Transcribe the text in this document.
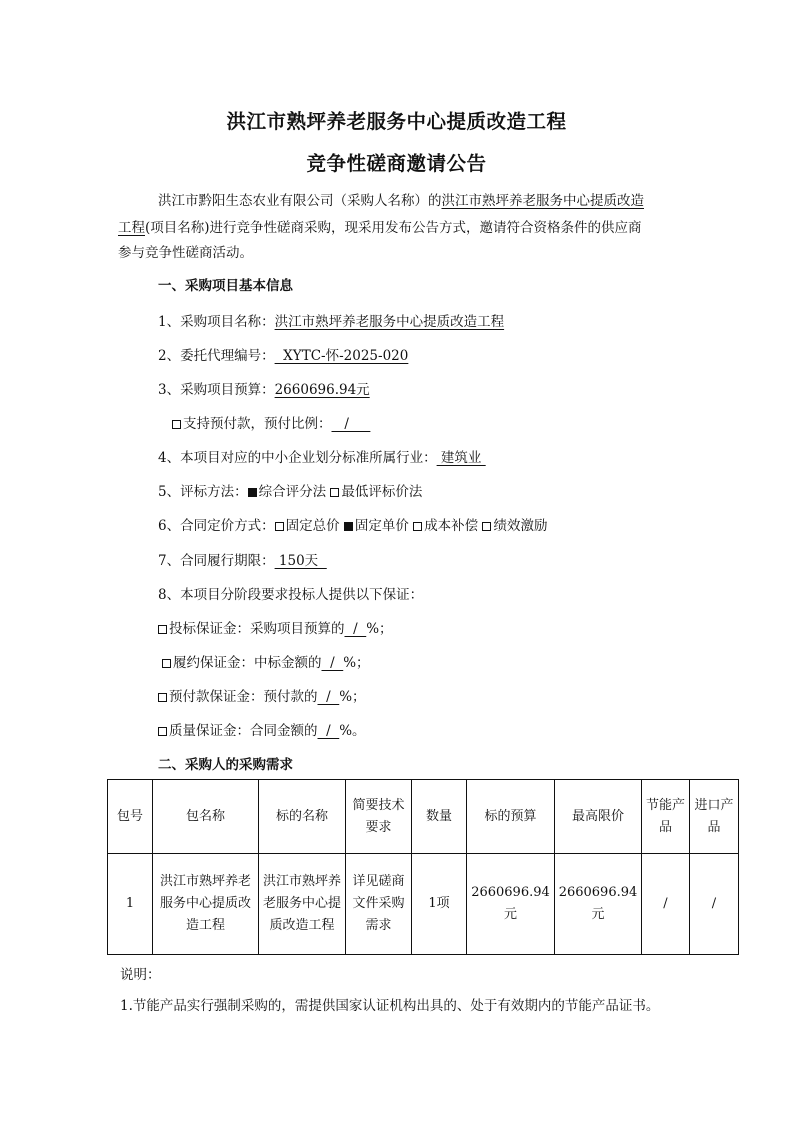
洪江市熟坪养老服务中心提质改造工程
竞争性磋商邀请公告
洪江市黔阳生态农业有限公司（采购人名称）的洪江市熟坪养老服务中心提质改造
工程(项目名称)进行竞争性磋商采购，现采用发布公告方式，邀请符合资格条件的供应商
参与竞争性磋商活动。
一、采购项目基本信息
1、采购项目名称：洪江市熟坪养老服务中心提质改造工程
2、委托代理编号：  XYTC-怀-2025-020
3、采购项目预算：2660696.94元
支持预付款，预付比例：   /
4、本项目对应的中小企业划分标准所属行业： 建筑业
5、评标方法： 综合评分法 最低评标价法
6、合同定价方式： 固定总价 固定单价 成本补偿 绩效激励
7、合同履行期限： 150天
8、本项目分阶段要求投标人提供以下保证：
投标保证金：采购项目预算的  /  %；
履约保证金：中标金额的  /  %；
预付款保证金：预付款的  /  %；
质量保证金：合同金额的  /  %。
二、采购人的采购需求
包号	包名称	标的名称	简要技术要求	数量	标的预算	最高限价	节能产品	进口产品
1	洪江市熟坪养老服务中心提质改造工程	洪江市熟坪养老服务中心提质改造工程	详见磋商文件采购需求	1项	2660696.94元	2660696.94元	/	/
说明：
1.节能产品实行强制采购的，需提供国家认证机构出具的、处于有效期内的节能产品证书。
